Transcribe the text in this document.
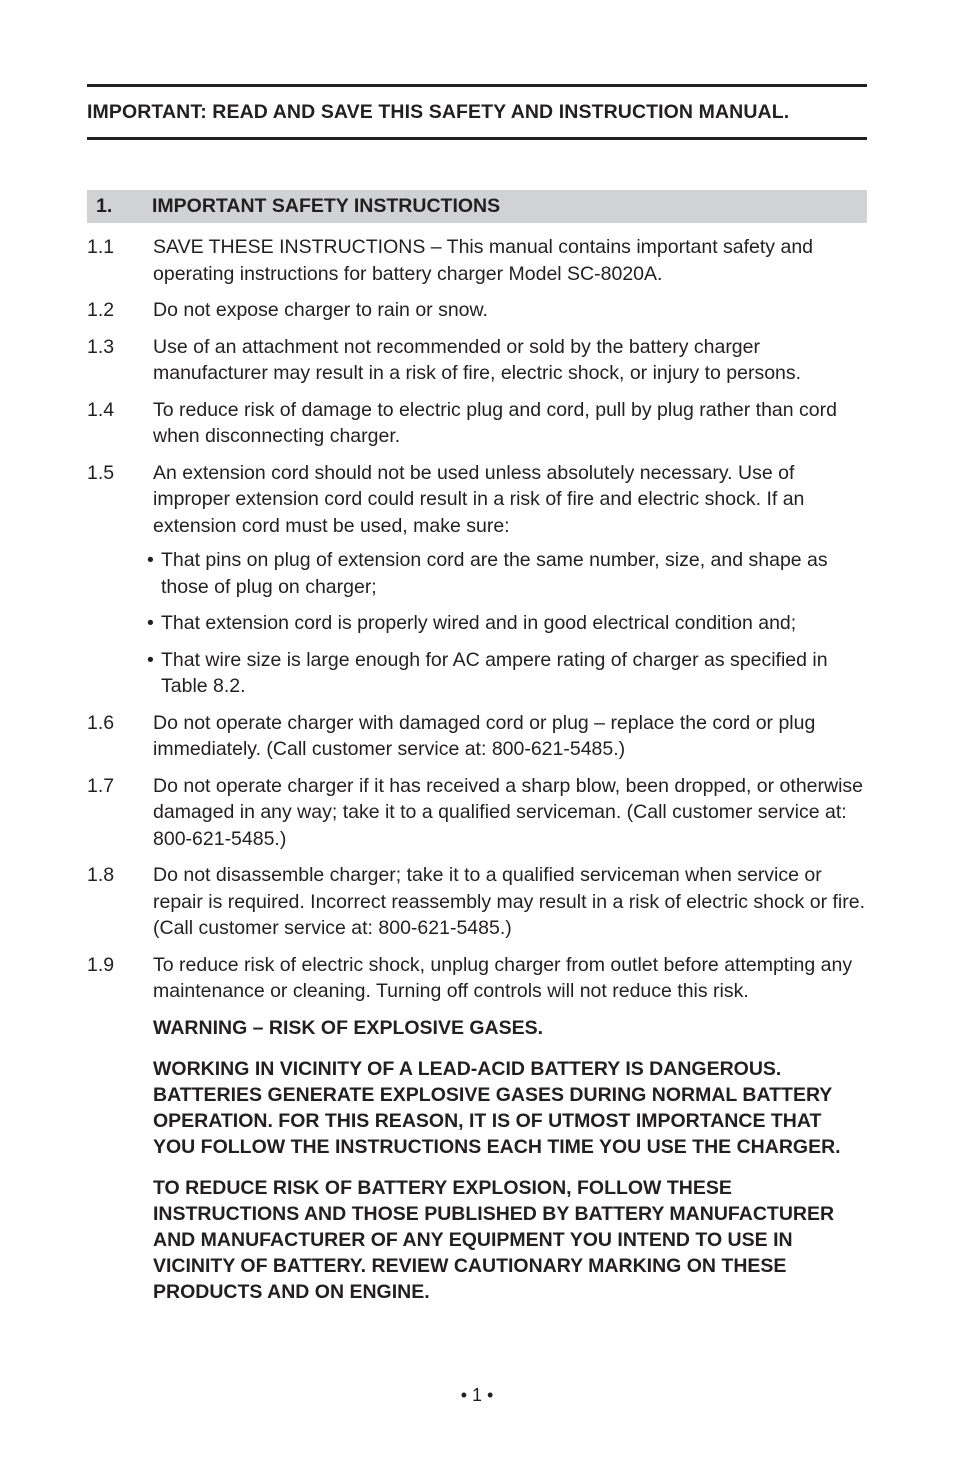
IMPORTANT: READ AND SAVE THIS SAFETY AND INSTRUCTION MANUAL.
1.	IMPORTANT SAFETY INSTRUCTIONS
1.1	SAVE THESE INSTRUCTIONS – This manual contains important safety and operating instructions for battery charger Model SC-8020A.
1.2	Do not expose charger to rain or snow.
1.3	Use of an attachment not recommended or sold by the battery charger manufacturer may result in a risk of fire, electric shock, or injury to persons.
1.4	To reduce risk of damage to electric plug and cord, pull by plug rather than cord when disconnecting charger.
1.5	An extension cord should not be used unless absolutely necessary. Use of improper extension cord could result in a risk of fire and electric shock. If an extension cord must be used, make sure:
• That pins on plug of extension cord are the same number, size, and shape as those of plug on charger;
• That extension cord is properly wired and in good electrical condition and;
• That wire size is large enough for AC ampere rating of charger as specified in Table 8.2.
1.6	Do not operate charger with damaged cord or plug – replace the cord or plug immediately. (Call customer service at: 800-621-5485.)
1.7	Do not operate charger if it has received a sharp blow, been dropped, or otherwise damaged in any way; take it to a qualified serviceman. (Call customer service at: 800-621-5485.)
1.8	Do not disassemble charger; take it to a qualified serviceman when service or repair is required. Incorrect reassembly may result in a risk of electric shock or fire. (Call customer service at: 800-621-5485.)
1.9	To reduce risk of electric shock, unplug charger from outlet before attempting any maintenance or cleaning. Turning off controls will not reduce this risk.

WARNING – RISK OF EXPLOSIVE GASES.

WORKING IN VICINITY OF A LEAD-ACID BATTERY IS DANGEROUS. BATTERIES GENERATE EXPLOSIVE GASES DURING NORMAL BATTERY OPERATION. FOR THIS REASON, IT IS OF UTMOST IMPORTANCE THAT YOU FOLLOW THE INSTRUCTIONS EACH TIME YOU USE THE CHARGER.

TO REDUCE RISK OF BATTERY EXPLOSION, FOLLOW THESE INSTRUCTIONS AND THOSE PUBLISHED BY BATTERY MANUFACTURER AND MANUFACTURER OF ANY EQUIPMENT YOU INTEND TO USE IN VICINITY OF BATTERY. REVIEW CAUTIONARY MARKING ON THESE PRODUCTS AND ON ENGINE.

• 1 •
